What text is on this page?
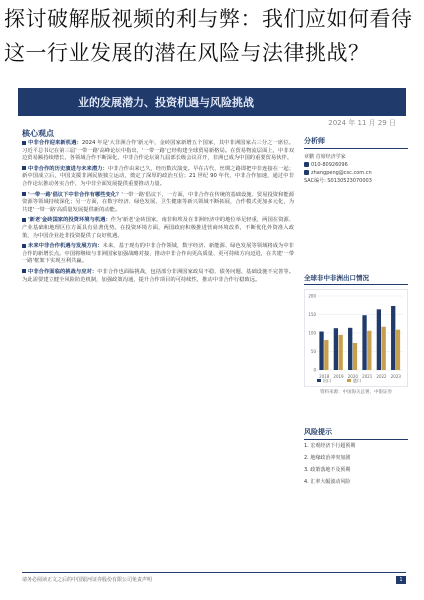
业的发展潜力、投资机遇与风险挑战
2024 年 11 月 29 日
核心观点

中非合作迎来新机遇：2024 年是'大非洲合作'新元年，金砖国家新增五个国家，其中非洲国家占三分之一席位。习近平总书记在第三届'一带一路'高峰论坛中指出，'一带一路'已经构建全球贸易新格局。在贸易物流层面上，中非双边贸易额持续增长，各领域合作不断深化，中非合作论坛第九届部长级会议召开，非洲已成为中国的重要贸易伙伴。

中非合作的历史演进与未来潜力：中非合作由来已久，经历数次演变。早在古代，丝绸之路即把中非连接在一起；新中国成立后，中国支援非洲民族独立运动，奠定了深厚的政治互信；21 世纪 90 年代，中非合作加速，通过中非合作论坛推动务实合作，为中非全面发展提供重要推动力量。

'一带一路'倡议下中非合作有哪些变化？'一带一路'倡议下，一方面，中非合作在传统的基础设施、贸易投资和能源资源等领域持续深化；另一方面，在数字经济、绿色发展、卫生健康等新兴领域不断拓展，合作模式更加多元化，为共建'一带一路'高质量发展提供新的动能。

'新老'金砖国家的投资环境与机遇：作为'新老'金砖国家，南非和埃及在非洲经济中的地位举足轻重，两国在资源、产业基础和地理区位方面具有显著优势。在投资环境方面，两国政府积极推进营商环境改革，不断优化外资准入政策，为中国企业赴非投资提供了良好机遇。

未来中非合作机遇与发展方向：未来，基于现有的中非合作领域，数字经济、新能源、绿色发展等领域将成为中非合作的新增长点。中国将继续与非洲国家加强战略对接，推动中非合作向更高质量、更可持续方向迈进，在共建'一带一路'框架下实现互利共赢。

中非合作面临的挑战与应对：中非合作也面临挑战，包括部分非洲国家政局不稳、债务问题、基础设施不完善等。为此需要建立健全风险防范机制，加强政策沟通，提升合作项目的可持续性，推动中非合作行稳致远。

分析师
章鹏 首席经济学家
010-80926096
zhangpeng@csc.com.cn
SAC编号: S0130523070003
全球非中非洲出口情况
0
50
100
150
200
2018 2019 2020 2021 2022 2023
出口	进口
资料来源：中国海关总署，中银证券
风险提示
1. 宏观经济下行超预期
2. 地缘政治冲突加剧
3. 政策落地不及预期
4. 汇率大幅波动风险
请务必阅读正文之后的中国银河证券股份有限公司免责声明	1
探讨破解版视频的利与弊：我们应如何看待这一行业发展的潜在风险与法律挑战？
